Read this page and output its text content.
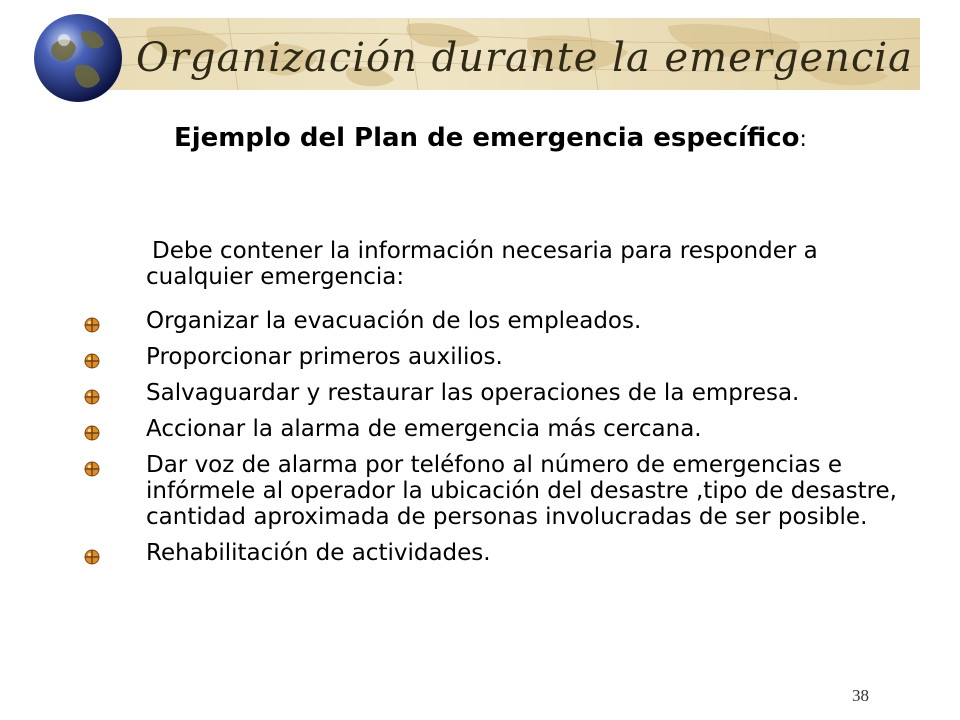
Organización durante la emergencia
Ejemplo del Plan de emergencia específico:
Debe contener la información necesaria para responder a cualquier emergencia:
Organizar la evacuación de los empleados.
Proporcionar primeros auxilios.
Salvaguardar y restaurar las operaciones de la empresa.
Accionar la alarma de emergencia más cercana.
Dar voz de alarma por teléfono al número de emergencias e infórmele al operador la ubicación del desastre ,tipo de desastre, cantidad aproximada de personas involucradas de ser posible.
Rehabilitación de actividades.
38
